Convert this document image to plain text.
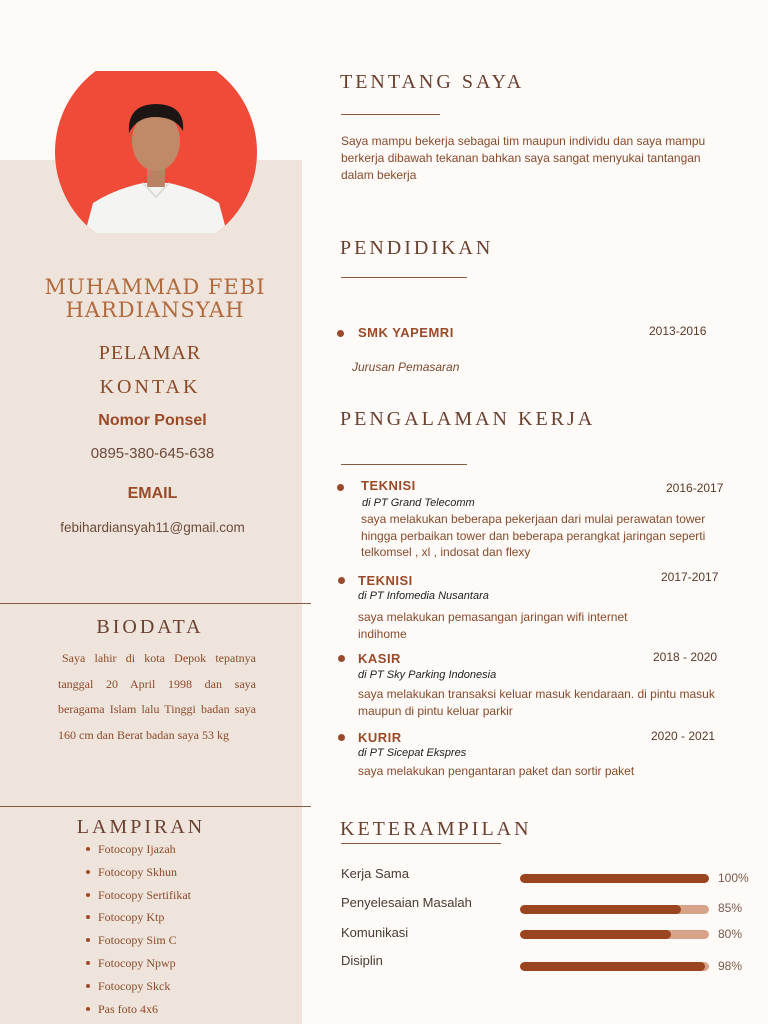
MUHAMMAD FEBI
HARDIANSYAH
PELAMAR
KONTAK
Nomor Ponsel
0895-380-645-638
EMAIL
febihardiansyah11@gmail.com
BIODATA
Saya lahir di kota Depok tepatnya tanggal 20 April 1998 dan saya beragama Islam lalu Tinggi badan saya 160 cm dan Berat badan saya 53 kg
LAMPIRAN
Fotocopy Ijazah
Fotocopy Skhun
Fotocopy Sertifikat
Fotocopy Ktp
Fotocopy Sim C
Fotocopy Npwp
Fotocopy Skck
Pas foto 4x6
TENTANG SAYA
Saya mampu bekerja sebagai tim maupun individu dan saya mampu berkerja dibawah tekanan bahkan saya sangat menyukai tantangan dalam bekerja
PENDIDIKAN
SMK YAPEMRI	2013-2016
Jurusan Pemasaran
PENGALAMAN KERJA
TEKNISI	2016-2017
di PT Grand Telecomm
saya melakukan beberapa pekerjaan dari mulai perawatan tower hingga perbaikan tower dan beberapa perangkat jaringan seperti telkomsel , xl , indosat dan flexy
TEKNISI	2017-2017
di PT Infomedia Nusantara
saya melakukan pemasangan jaringan wifi internet indihome
KASIR	2018 - 2020
di PT Sky Parking Indonesia
saya melakukan transaksi keluar masuk kendaraan. di pintu masuk maupun di pintu keluar parkir
KURIR	2020 - 2021
di PT Sicepat Ekspres
saya melakukan pengantaran paket dan sortir paket
KETERAMPILAN
Kerja Sama	100%
Penyelesaian Masalah	85%
Komunikasi	80%
Disiplin	98%
